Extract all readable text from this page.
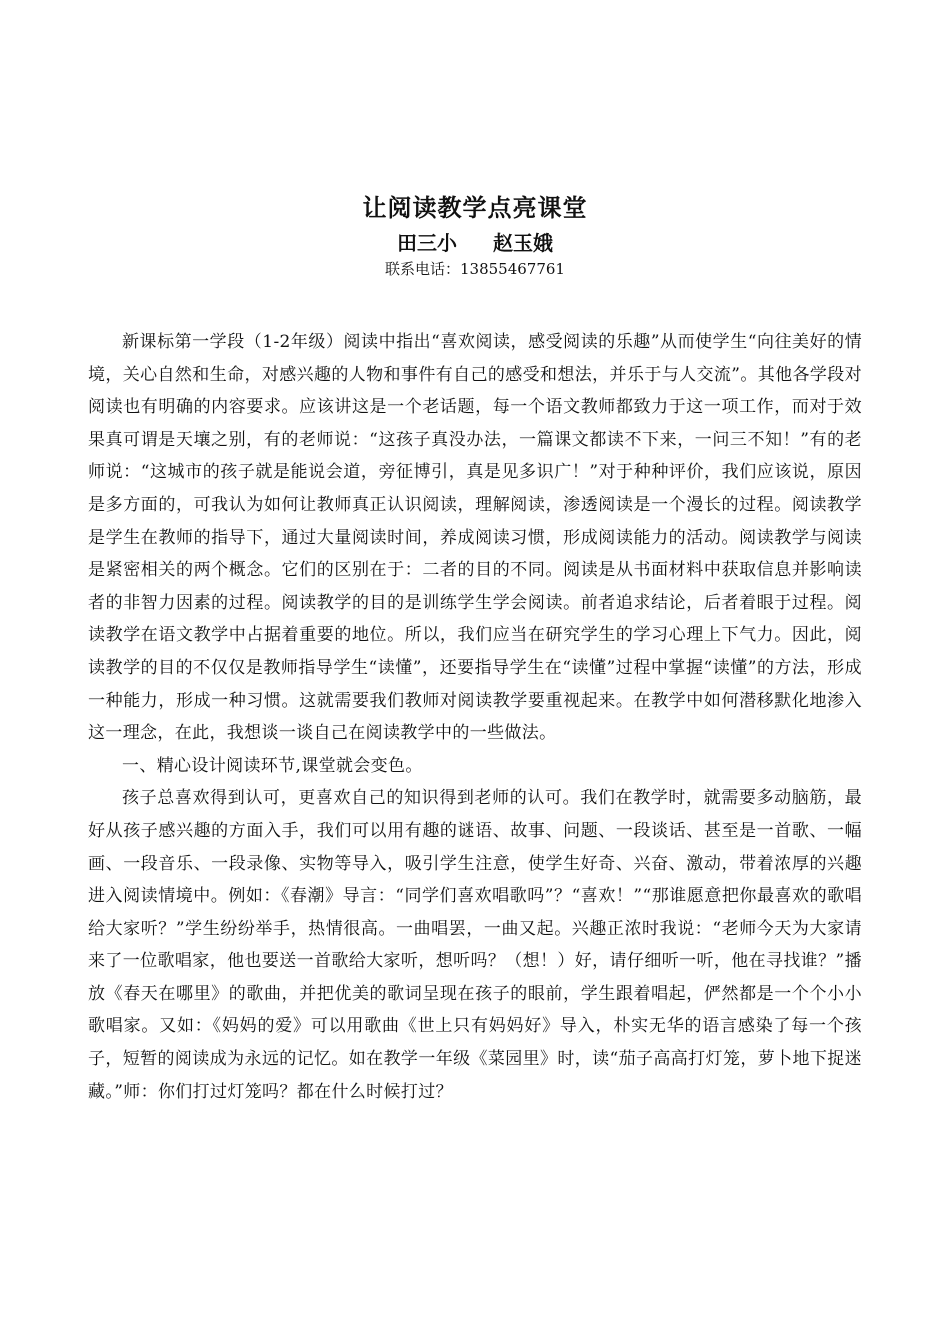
让阅读教学点亮课堂

田三小 赵玉娥

联系电话：13855467761

新课标第一学段（1-2年级）阅读中指出“喜欢阅读，感受阅读的乐趣”从而使学生“向往美好的情境，关心自然和生命，对感兴趣的人物和事件有自己的感受和想法，并乐于与人交流”。其他各学段对阅读也有明确的内容要求。应该讲这是一个老话题，每一个语文教师都致力于这一项工作，而对于效果真可谓是天壤之别，有的老师说：“这孩子真没办法，一篇课文都读不下来，一问三不知！”有的老师说：“这城市的孩子就是能说会道，旁征博引，真是见多识广！”对于种种评价，我们应该说，原因是多方面的，可我认为如何让教师真正认识阅读，理解阅读，渗透阅读是一个漫长的过程。阅读教学是学生在教师的指导下，通过大量阅读时间，养成阅读习惯，形成阅读能力的活动。阅读教学与阅读是紧密相关的两个概念。它们的区别在于：二者的目的不同。阅读是从书面材料中获取信息并影响读者的非智力因素的过程。阅读教学的目的是训练学生学会阅读。前者追求结论，后者着眼于过程。阅读教学在语文教学中占据着重要的地位。所以，我们应当在研究学生的学习心理上下气力。因此，阅读教学的目的不仅仅是教师指导学生“读懂”，还要指导学生在“读懂”过程中掌握“读懂”的方法，形成一种能力，形成一种习惯。这就需要我们教师对阅读教学要重视起来。在教学中如何潜移默化地渗入这一理念，在此，我想谈一谈自己在阅读教学中的一些做法。

一、精心设计阅读环节,课堂就会变色。

孩子总喜欢得到认可，更喜欢自己的知识得到老师的认可。我们在教学时，就需要多动脑筋，最好从孩子感兴趣的方面入手，我们可以用有趣的谜语、故事、问题、一段谈话、甚至是一首歌、一幅画、一段音乐、一段录像、实物等导入，吸引学生注意，使学生好奇、兴奋、激动，带着浓厚的兴趣进入阅读情境中。例如：《春潮》导言：“同学们喜欢唱歌吗”？“喜欢！”“那谁愿意把你最喜欢的歌唱给大家听？”学生纷纷举手，热情很高。一曲唱罢，一曲又起。兴趣正浓时我说：“老师今天为大家请来了一位歌唱家，他也要送一首歌给大家听，想听吗？（想！）好，请仔细听一听，他在寻找谁？”播放《春天在哪里》的歌曲，并把优美的歌词呈现在孩子的眼前，学生跟着唱起，俨然都是一个个小小歌唱家。又如：《妈妈的爱》可以用歌曲《世上只有妈妈好》导入，朴实无华的语言感染了每一个孩子，短暂的阅读成为永远的记忆。如在教学一年级《菜园里》时，读“茄子高高打灯笼，萝卜地下捉迷藏。”师：你们打过灯笼吗？都在什么时候打过？
